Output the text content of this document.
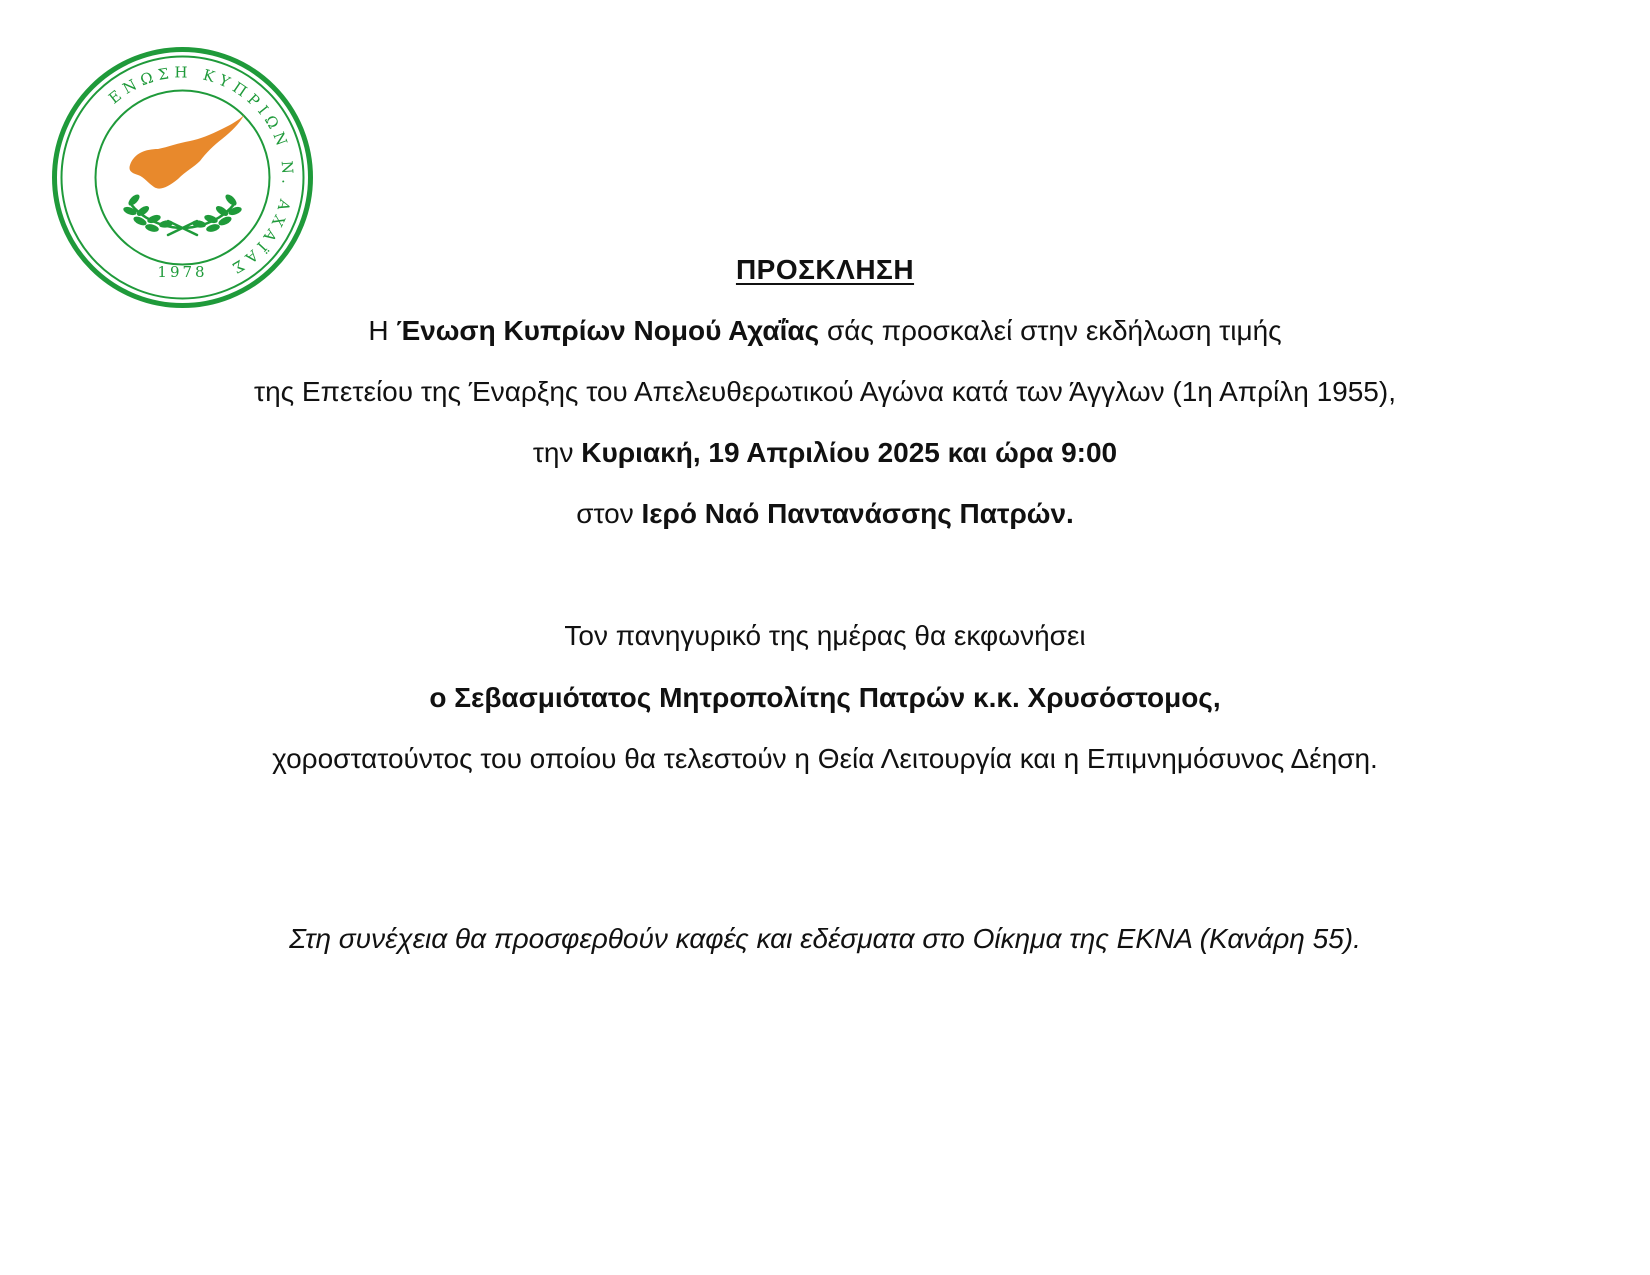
ΕΝΩΣΗ ΚΥΠΡΙΩΝ Ν. ΑΧΑΪΑΣ
1978	ΠΡΟΣΚΛΗΣΗ
Η Ένωση Κυπρίων Νομού Αχαΐας σάς προσκαλεί στην εκδήλωση τιμής
της Επετείου της Έναρξης του Απελευθερωτικού Αγώνα κατά των Άγγλων (1η Απρίλη 1955),
την Κυριακή, 19 Απριλίου 2025 και ώρα 9:00
στον Ιερό Ναό Παντανάσσης Πατρών.
Τον πανηγυρικό της ημέρας θα εκφωνήσει
ο Σεβασμιότατος Μητροπολίτης Πατρών κ.κ. Χρυσόστομος,
χοροστατούντος του οποίου θα τελεστούν η Θεία Λειτουργία και η Επιμνημόσυνος Δέηση.
Στη συνέχεια θα προσφερθούν καφές και εδέσματα στο Οίκημα της ΕΚΝΑ (Κανάρη 55).
